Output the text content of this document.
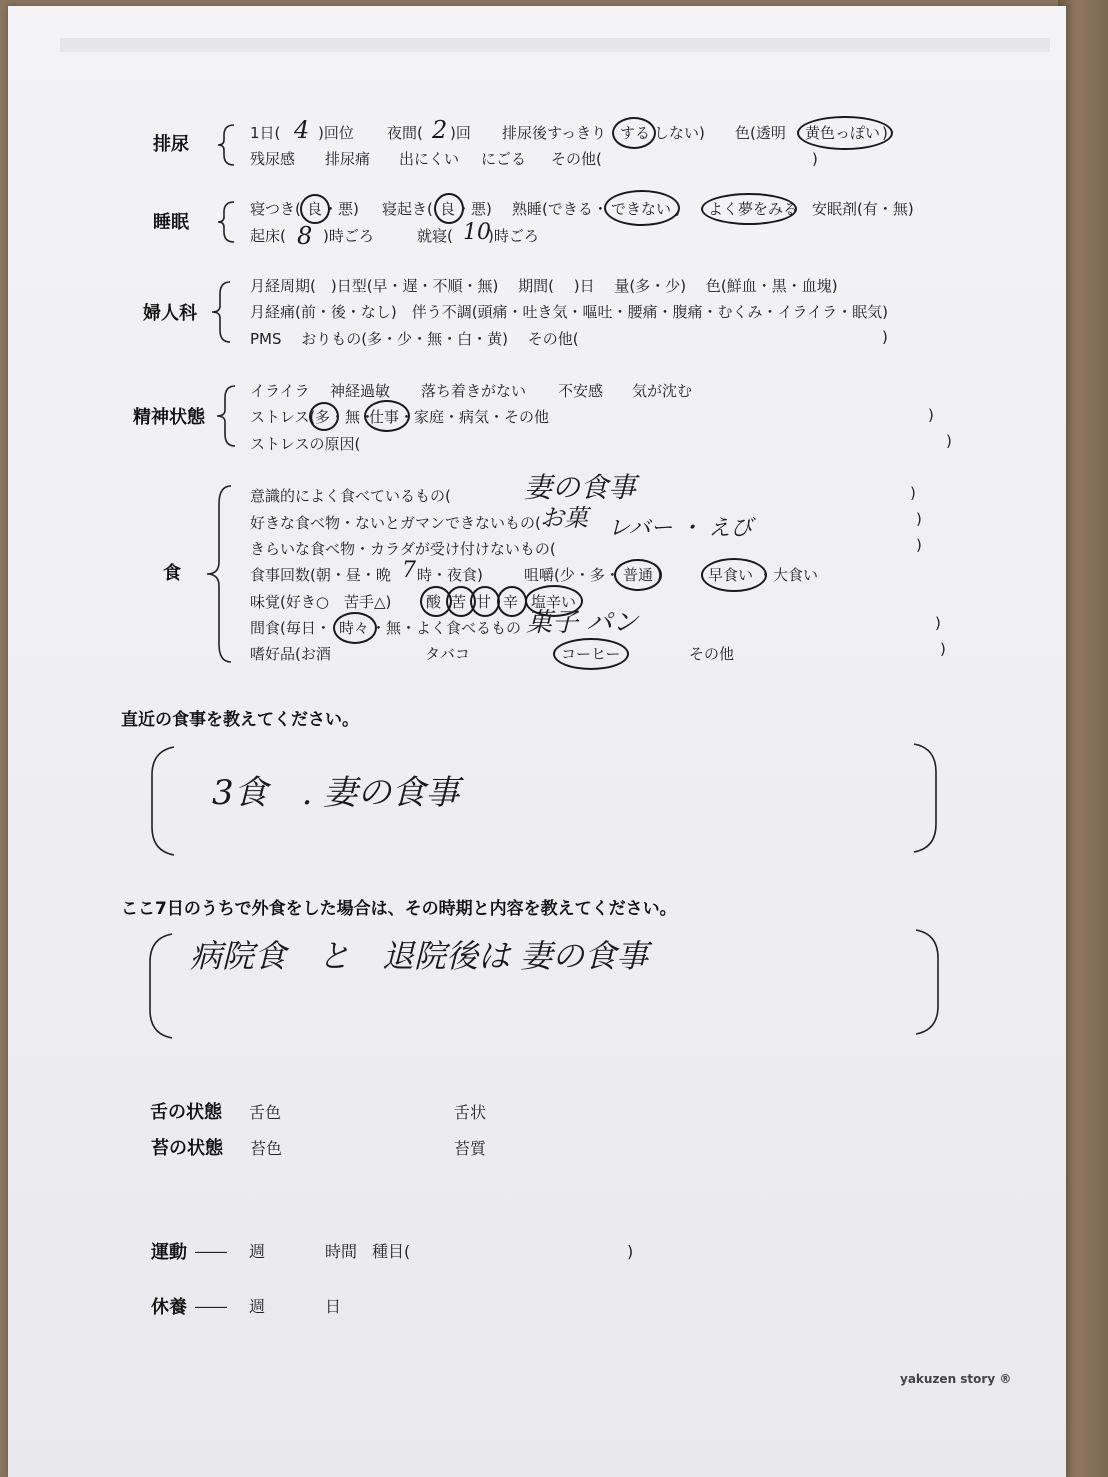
排尿
1日( 4 )回位 夜間( 2 )回 排尿後すっきり する しない) 色(透明 黄色っぽい )
残尿感 排尿痛 出にくい にごる その他(	)
睡眠
寝つき( 良 ・悪) 寝起き( 良 ・悪) 熟睡(できる・ できない ) よく夢をみる 安眠剤(有・無)
起床( 8 )時ごろ	就寝( 10
)時ごろ
婦人科
月経周期(　)日型(早・遅・不順・無)　 期間(　 )日　 量(多・少)　 色(鮮血・黒・血塊)
月経痛(前・後・なし)　伴う不調(頭痛・吐き気・嘔吐・腰痛・腹痛・むくみ・イライラ・眠気)
PMS　 おりもの(多・少・無・白・黄)　 その他(	)
精神状態
イライラ 神経過敏 落ち着きがない 不安感 気が沈む
ストレス( 多 ・無・
仕事 ・家庭・病気・その他	)
ストレスの原因(	)
食
意識的によく食べているもの(	妻の食事	)
好きな食べ物・ないとガマンできないもの( お菓 レバー ・ えび	)
きらいな食べ物・カラダが受け付けないもの(	)
食事回数(朝・昼・晩 7 時・夜食)	咀嚼(少・多・ 普通 )	早食い ・大食い
味覚(好き○　苦手△) 酸 苦 甘 辛 塩辛い
間食(毎日・ 時々 ・無・よく食べるもの 菓子 パン	)
嗜好品(お酒	タバコ	コーヒー	その他	)
直近の食事を教えてください。
3食　. 妻の食事
ここ7日のうちで外食をした場合は、その時期と内容を教えてください。
病院食　と　退院後は 妻の食事
舌の状態 舌色	舌状
苔の状態 苔色	苔質
運動 ―― 週	時間 種目(	)
休養 ―― 週	日
yakuzen story ®
